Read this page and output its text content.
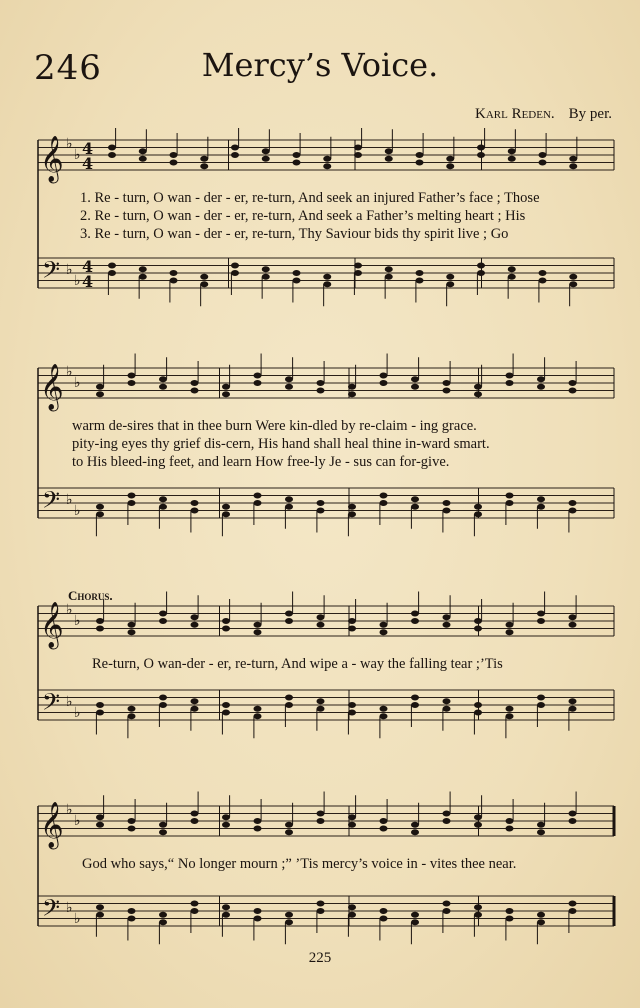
246	Mercy’s Voice.
Karl Reden. By per.
𝄞 ♭
♭ 4
4
𝄢 ♭
♭
4
4
1. Re - turn, O wan - der - er, re-turn, And seek an injured Father’s face ; Those
2. Re - turn, O wan - der - er, re-turn, And seek a Father’s melting heart ; His
3. Re - turn, O wan - der - er, re-turn, Thy Saviour bids thy spirit live ; Go
𝄞 ♭
♭
𝄢 ♭
♭
warm de-sires that in thee burn Were kin-dled by re-claim - ing grace.
pity-ing eyes thy grief dis-cern, His hand shall heal thine in-ward smart.
to His bleed-ing feet, and learn How free-ly Je - sus can for-give.
Chorus.
𝄞 ♭
♭
𝄢 ♭
♭
Re-turn, O wan-der - er, re-turn, And wipe a - way the falling tear ;’Tis
𝄞 ♭
♭
𝄢 ♭
♭
God who says,“ No longer mourn ;” ’Tis mercy’s voice in - vites thee near.
225
